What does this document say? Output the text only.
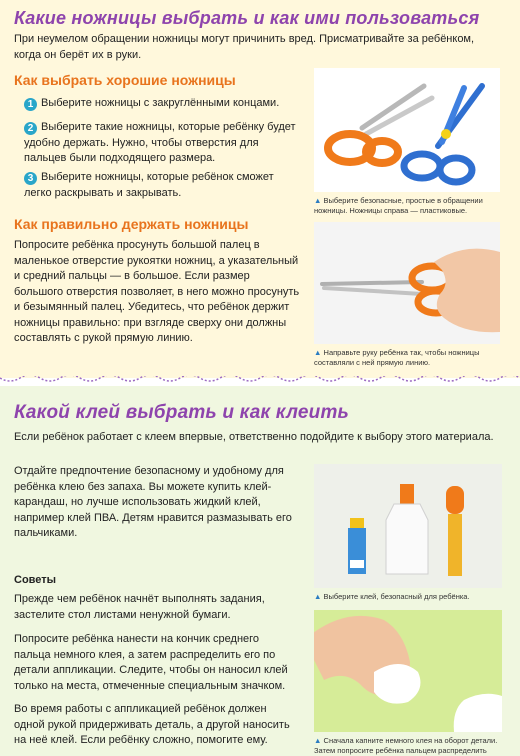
Какие ножницы выбрать и как ими пользоваться

При неумелом обращении ножницы могут причинить вред. Присматривайте за ребёнком, когда он берёт их в руки.

Как выбрать хорошие ножницы
1 Выберите ножницы с закруглёнными концами.
2 Выберите такие ножницы, которые ребёнку будет удобно держать. Нужно, чтобы отверстия для пальцев были подходящего размера.
3 Выберите ножницы, которые ребёнок сможет легко раскрывать и закрывать.
Как правильно держать ножницы

Попросите ребёнка просунуть большой палец в маленькое отверстие рукоятки ножниц, а указательный и средний пальцы — в большое. Если размер большого отверстия позволяет, в него можно просунуть и безымянный палец. Убедитесь, что ребёнок держит ножницы правильно: при взгляде сверху они должны составлять с рукой прямую линию.

▲ Выберите безопасные, простые в обращении ножницы. Ножницы справа — пластиковые.
▲ Направьте руку ребёнка так, чтобы ножницы составляли с ней прямую линию.
Какой клей выбрать и как клеить

Если ребёнок работает с клеем впервые, ответственно подойдите к выбору этого материала.

Отдайте предпочтение безопасному и удобному для ребёнка клею без запаха. Вы можете купить клей-карандаш, но лучше использовать жидкий клей, например клей ПВА. Детям нравится размазывать его пальчиками.

Советы

Прежде чем ребёнок начнёт выполнять задания, застелите стол листами ненужной бумаги.

Попросите ребёнка нанести на кончик среднего пальца немного клея, а затем распределить его по детали аппликации. Следите, чтобы он наносил клей только на места, отмеченные специальным значком.

Во время работы с аппликацией ребёнок должен одной рукой придерживать деталь, а другой наносить на неё клей. Если ребёнку сложно, помогите ему.

▲ Выберите клей, безопасный для ребёнка.
▲ Сначала капните немного клея на оборот детали. Затем попросите ребёнка пальцем распределить
